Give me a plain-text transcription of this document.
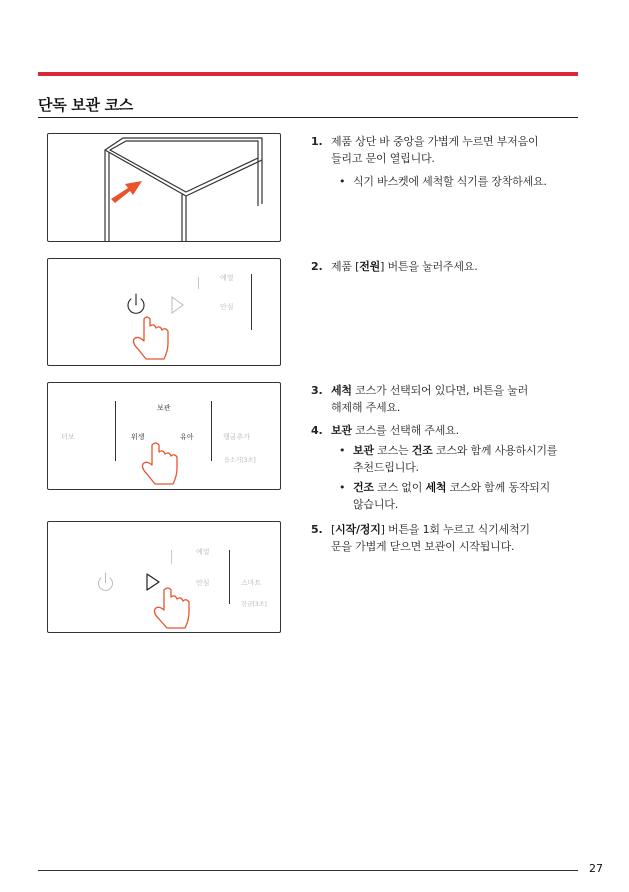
단독 보관 코스
예열
안심
보관
터보	위생	유아	행굼추가
옵소거[3초]
예열
안심	스마트
잠금[3초]
1. 제품 상단 바 중앙을 가볍게 누르면 부저음이
들리고 문이 열립니다.
• 식기 바스켓에 세척할 식기를 장착하세요.
2. 제품 [전원] 버튼을 눌러주세요.
3. 세척 코스가 선택되어 있다면, 버튼을 눌러
해제해 주세요.
4. 보관 코스를 선택해 주세요.
• 보관 코스는 건조 코스와 함께 사용하시기를
추천드립니다.
• 건조 코스 없이 세척 코스와 함께 동작되지
않습니다.
5. [시작/정지] 버튼을 1회 누르고 식기세척기
문을 가볍게 닫으면 보관이 시작됩니다.
27
